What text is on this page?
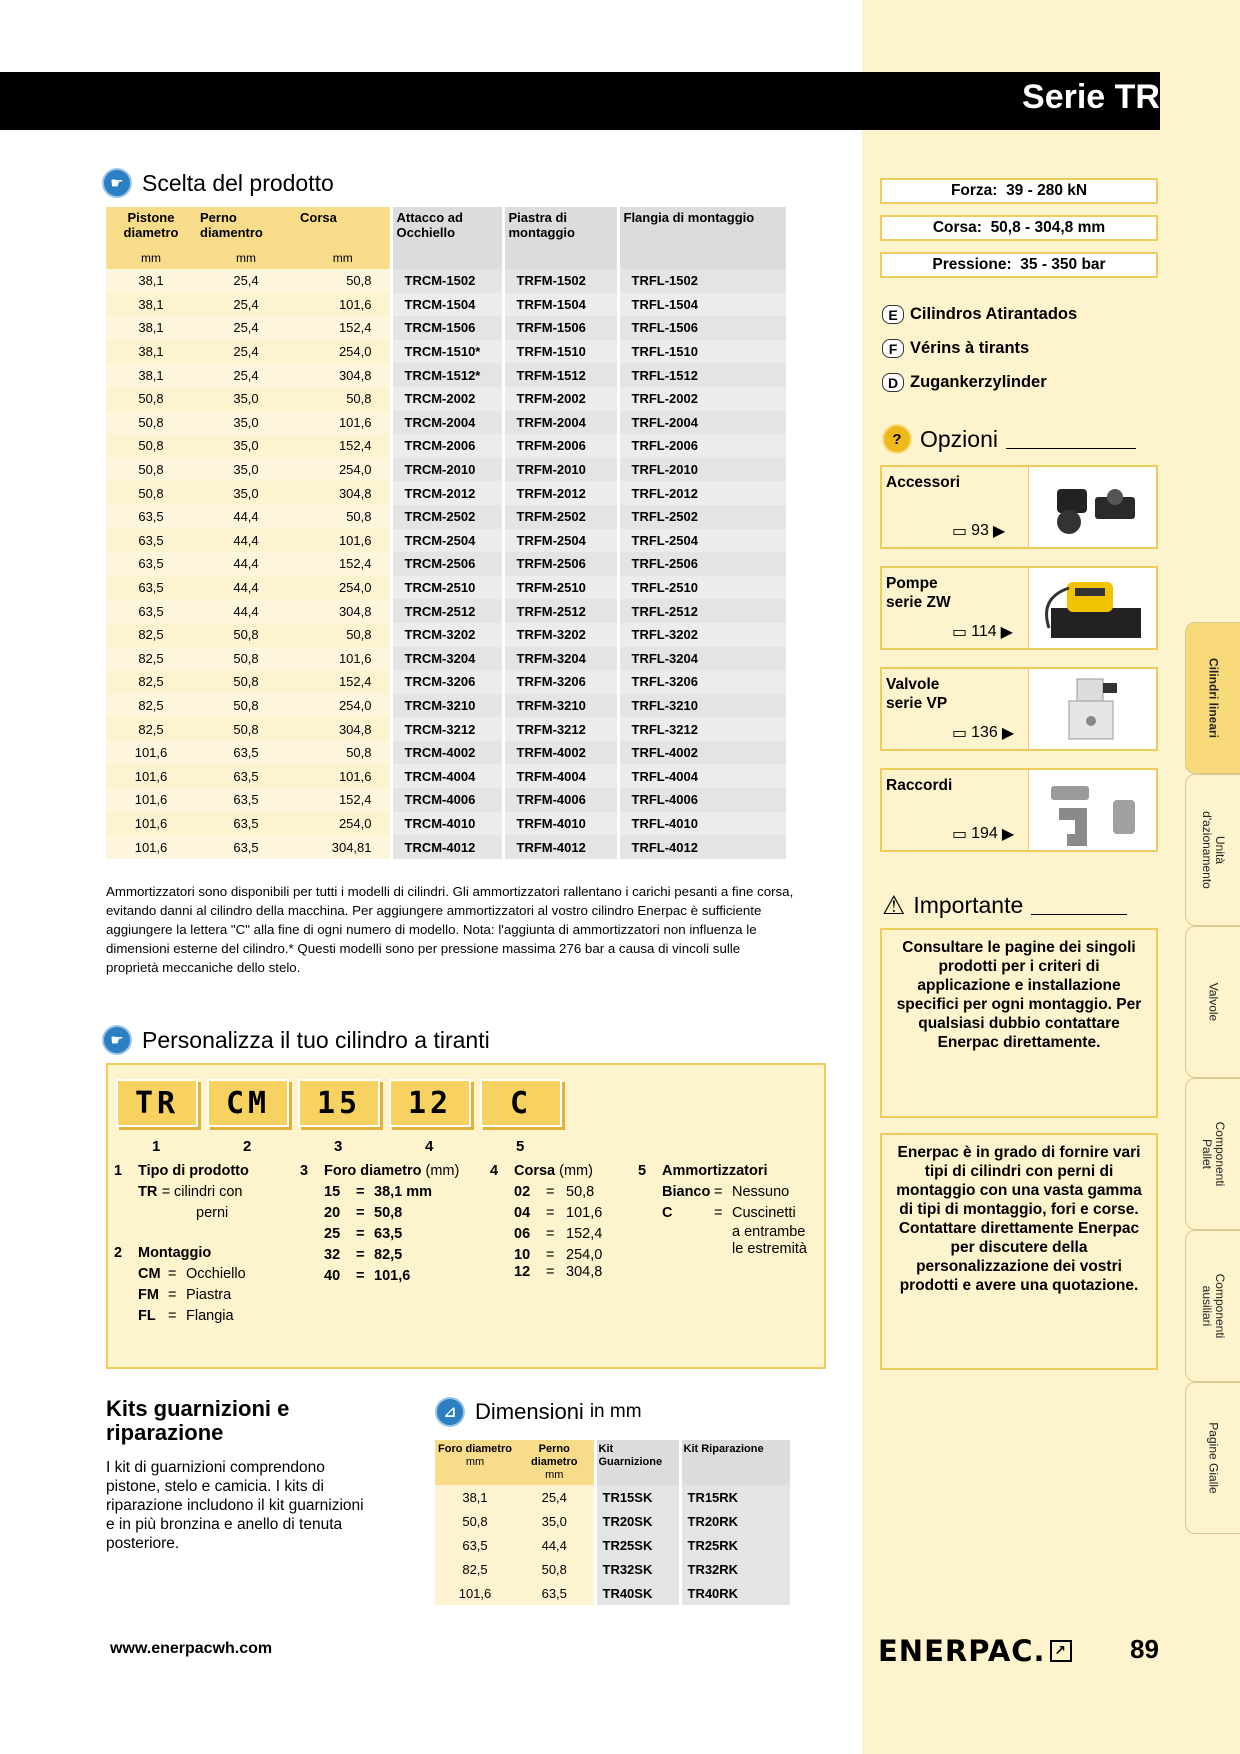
Serie TR
Cilindri lineari
Unità
d'azionamento
Valvole
Componenti
Pallet
Componenti
ausiliari
Pagine Gialle
☛ Scelta del prodotto
Pistone diametro	Perno diamentro	Corsa	Attacco ad Occhiello	Piastra di montaggio	Flangia di montaggio
mm	mm	mm			
38,1	25,4	50,8	TRCM-1502	TRFM-1502	TRFL-1502
38,1	25,4	101,6	TRCM-1504	TRFM-1504	TRFL-1504
38,1	25,4	152,4	TRCM-1506	TRFM-1506	TRFL-1506
38,1	25,4	254,0	TRCM-1510*	TRFM-1510	TRFL-1510
38,1	25,4	304,8	TRCM-1512*	TRFM-1512	TRFL-1512
50,8	35,0	50,8	TRCM-2002	TRFM-2002	TRFL-2002
50,8	35,0	101,6	TRCM-2004	TRFM-2004	TRFL-2004
50,8	35,0	152,4	TRCM-2006	TRFM-2006	TRFL-2006
50,8	35,0	254,0	TRCM-2010	TRFM-2010	TRFL-2010
50,8	35,0	304,8	TRCM-2012	TRFM-2012	TRFL-2012
63,5	44,4	50,8	TRCM-2502	TRFM-2502	TRFL-2502
63,5	44,4	101,6	TRCM-2504	TRFM-2504	TRFL-2504
63,5	44,4	152,4	TRCM-2506	TRFM-2506	TRFL-2506
63,5	44,4	254,0	TRCM-2510	TRFM-2510	TRFL-2510
63,5	44,4	304,8	TRCM-2512	TRFM-2512	TRFL-2512
82,5	50,8	50,8	TRCM-3202	TRFM-3202	TRFL-3202
82,5	50,8	101,6	TRCM-3204	TRFM-3204	TRFL-3204
82,5	50,8	152,4	TRCM-3206	TRFM-3206	TRFL-3206
82,5	50,8	254,0	TRCM-3210	TRFM-3210	TRFL-3210
82,5	50,8	304,8	TRCM-3212	TRFM-3212	TRFL-3212
101,6	63,5	50,8	TRCM-4002	TRFM-4002	TRFL-4002
101,6	63,5	101,6	TRCM-4004	TRFM-4004	TRFL-4004
101,6	63,5	152,4	TRCM-4006	TRFM-4006	TRFL-4006
101,6	63,5	254,0	TRCM-4010	TRFM-4010	TRFL-4010
101,6	63,5	304,81	TRCM-4012	TRFM-4012	TRFL-4012
Ammortizzatori sono disponibili per tutti i modelli di cilindri. Gli ammortizzatori rallentano i carichi pesanti a fine corsa, evitando danni al cilindro della macchina. Per aggiungere ammortizzatori al vostro cilindro Enerpac è sufficiente aggiungere la lettera "C" alla fine di ogni numero di modello. Nota: l'aggiunta di ammortizzatori non influenza le dimensioni esterne del cilindro.* Questi modelli sono per pressione massima 276 bar a causa di vincoli sulle proprietà meccaniche dello stelo.
☛ Personalizza il tuo cilindro a tiranti
TR	CM	15	12	C
1	2	3	4	5
1	Tipo di prodotto
TR = cilindri con
perni
2	Montaggio
CM = Occhiello
FM = Piastra
FL = Flangia
3	Foro diametro
(mm)
15	= 38,1 mm
20	= 50,8
25	= 63,5
32	= 82,5
40	= 101,6
4	Corsa
(mm)
02	= 50,8
04	= 101,6
06	= 152,4
10	= 254,0
12	= 304,8
5	Ammortizzatori
Bianco = Nessuno
C	= Cuscinetti
a entrambe
le estremità
Kits guarnizioni e
riparazione
I kit di guarnizioni comprendono pistone, stelo e camicia. I kits di riparazione includono il kit guarnizioni e in più bronzina e anello di tenuta posteriore.
⊿ Dimensioni in mm
Foro diametro
mm	Perno diametro
mm	Kit Guarnizione	Kit Riparazione
38,1	25,4	TR15SK	TR15RK
50,8	35,0	TR20SK	TR20RK
63,5	44,4	TR25SK	TR25RK
82,5	50,8	TR32SK	TR32RK
101,6	63,5	TR40SK	TR40RK
Forza:
39 - 280 kN
Corsa:
50,8 - 304,8 mm
Pressione:
35 - 350 bar
E Cilindros Atirantados
F Vérins à tirants
D Zugankerzylinder
? Opzioni
Accessori
▭ 93 ▶
Pompe
serie ZW
▭ 114 ▶
Valvole
serie VP
▭ 136 ▶
Raccordi
▭ 194 ▶
⚠ Importante
Consultare le pagine dei singoli prodotti per i criteri di applicazione e installazione specifici per ogni montaggio. Per qualsiasi dubbio contattare Enerpac direttamente.
Enerpac è in grado di fornire vari tipi di cilindri con perni di montaggio con una vasta gamma di tipi di montaggio, fori e corse. Contattare direttamente Enerpac per discutere della personalizzazione dei vostri prodotti e avere una quotazione.
www.enerpacwh.com	ENERPAC. ↗ 89
